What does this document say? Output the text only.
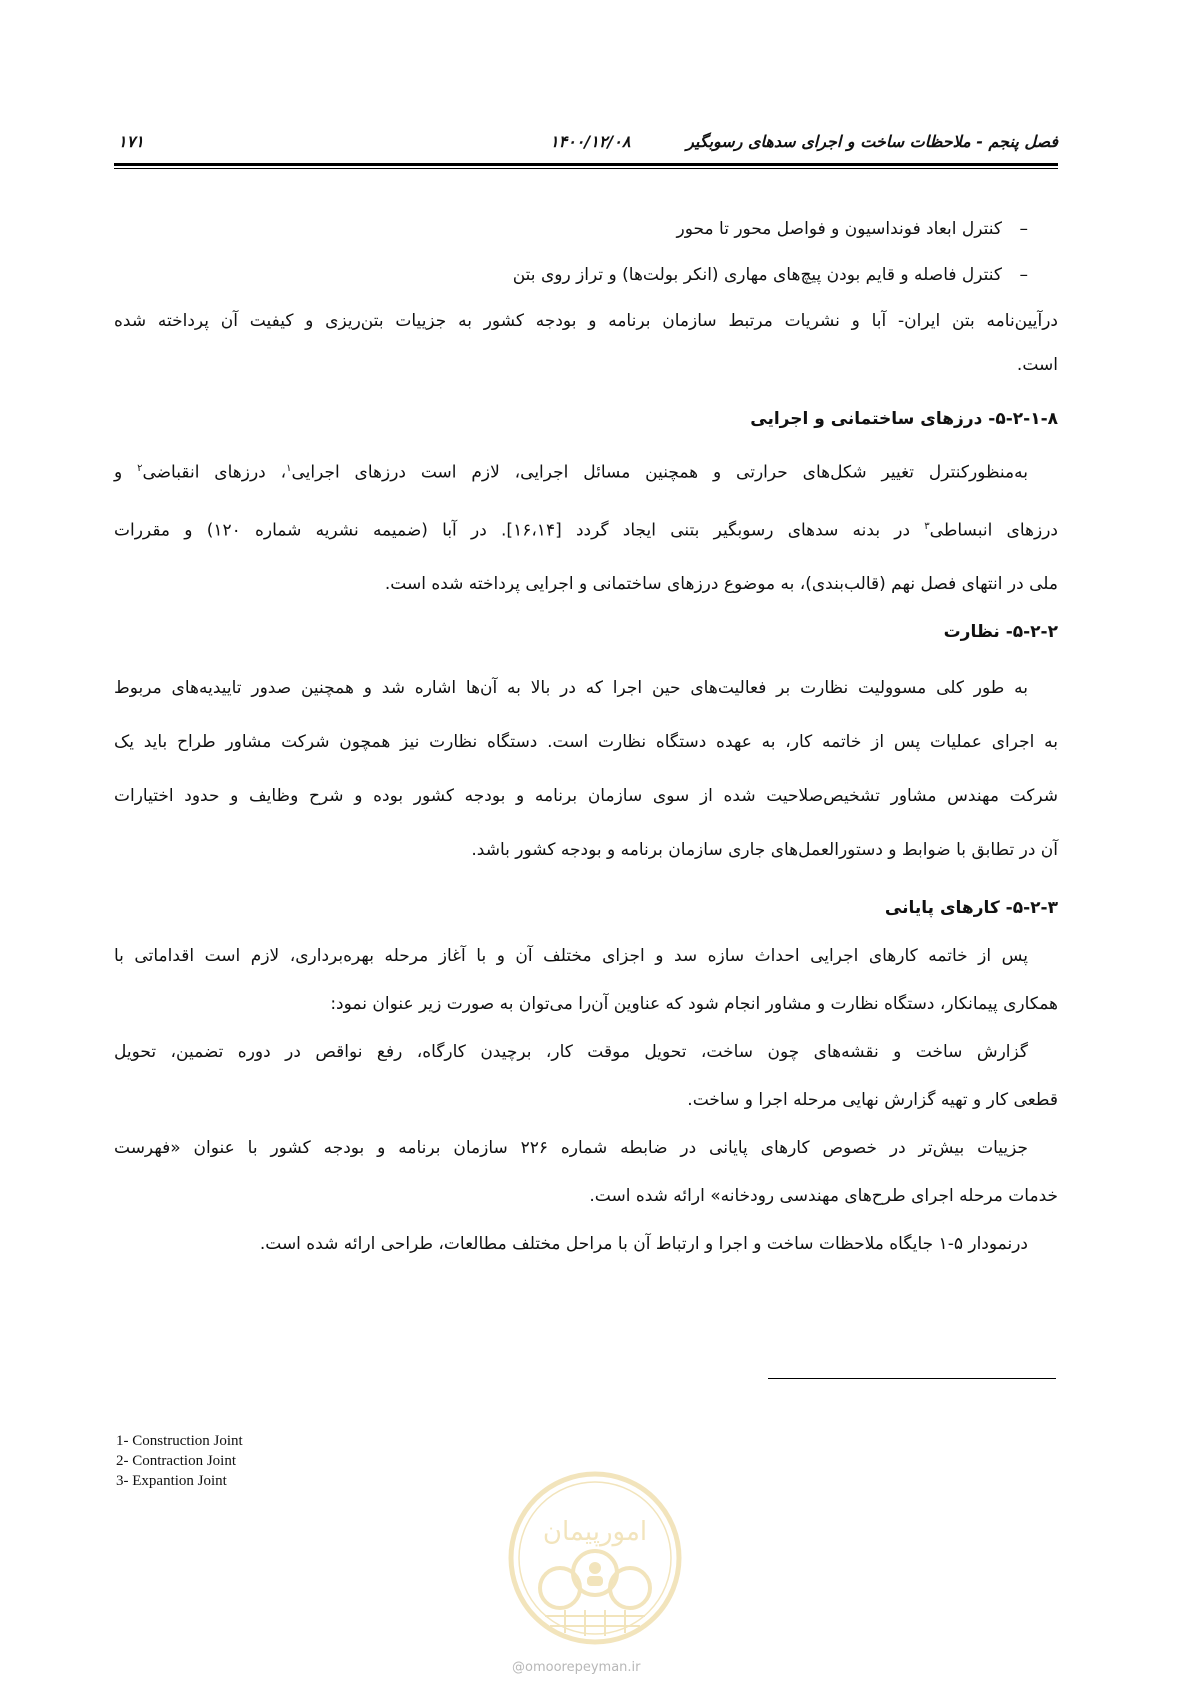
فصل پنجم - ملاحظات ساخت و اجرای سدهای رسوبگیر
۱۴۰۰/۱۲/۰۸
۱۷۱

–کنترل ابعاد فونداسیون و فواصل محور تا محور

–کنترل فاصله و قایم بودن پیچ‌های مهاری (انکر بولت‌ها) و تراز روی بتن

درآیین‌نامه بتن ایران- آبا و نشریات مرتبط سازمان برنامه و بودجه کشور به جزییات بتن‌ریزی و کیفیت آن پرداخته شده

است.

۵-۲-۱-۸- درزهای ساختمانی و اجرایی

به‌منظورکنترل تغییر شکل‌های حرارتی و همچنین مسائل اجرایی، لازم است درزهای اجرایی$^۱$، درزهای انقباضی$^۲$ و

درزهای انبساطی$^۳$ در بدنه سدهای رسوبگیر بتنی ایجاد گردد [۱۶،۱۴]. در آبا (ضمیمه نشریه شماره ۱۲۰) و مقررات

ملی در انتهای فصل نهم (قالب‌بندی)، به موضوع درزهای ساختمانی و اجرایی پرداخته شده است.

۵-۲-۲- نظارت

به طور کلی مسوولیت نظارت بر فعالیت‌های حین اجرا که در بالا به آن‌ها اشاره شد و همچنین صدور تاییدیه‌های مربوط

به اجرای عملیات پس از خاتمه کار، به عهده دستگاه نظارت است. دستگاه نظارت نیز همچون شرکت مشاور طراح باید یک

شرکت مهندس مشاور تشخیص‌صلاحیت شده از سوی سازمان برنامه و بودجه کشور بوده و شرح وظایف و حدود اختیارات

آن در تطابق با ضوابط و دستورالعمل‌های جاری سازمان برنامه و بودجه کشور باشد.

۵-۲-۳- کارهای پایانی

پس از خاتمه کارهای اجرایی احداث سازه سد و اجزای مختلف آن و با آغاز مرحله بهره‌برداری، لازم است اقداماتی با

همکاری پیمانکار، دستگاه نظارت و مشاور انجام شود که عناوین آن‌را می‌توان به صورت زیر عنوان نمود:

گزارش ساخت و نقشه‌های چون ساخت، تحویل موقت کار، برچیدن کارگاه، رفع نواقص در دوره تضمین، تحویل

قطعی کار و تهیه گزارش نهایی مرحله اجرا و ساخت.

جزییات بیش‌تر در خصوص کارهای پایانی در ضابطه شماره ۲۲۶ سازمان برنامه و بودجه کشور با عنوان «فهرست

خدمات مرحله اجرای طرح‌های مهندسی رودخانه» ارائه شده است.

درنمودار ۵-۱ جایگاه ملاحظات ساخت و اجرا و ارتباط آن با مراحل مختلف مطالعات، طراحی ارائه شده است.

1- Construction Joint
2- Contraction Joint
3- Expantion Joint
امورپیمان
@omoorepeyman.ir
